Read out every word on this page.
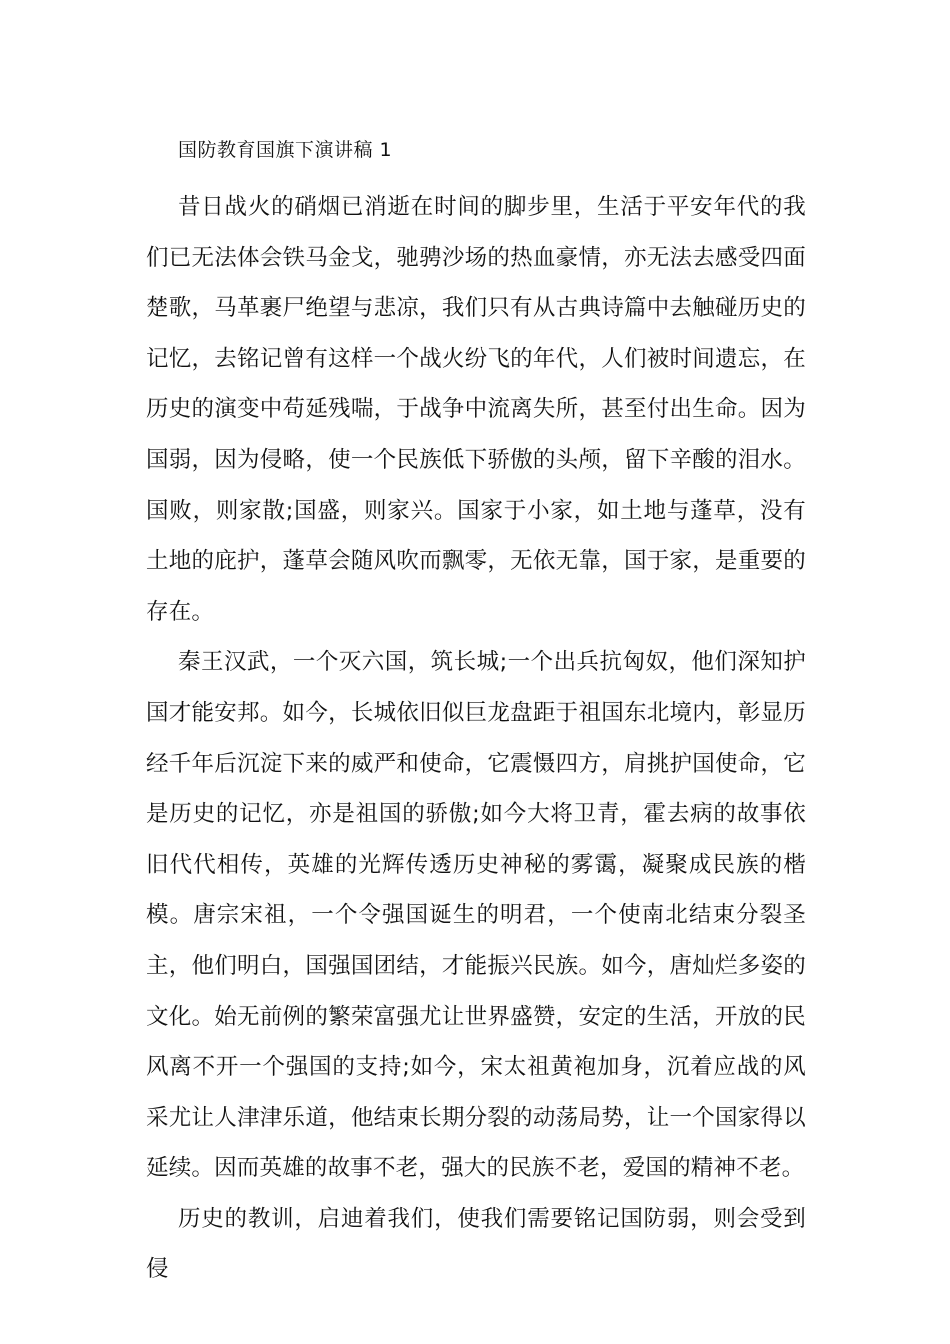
国防教育国旗下演讲稿 1

昔日战火的硝烟已消逝在时间的脚步里，生活于平安年代的我们已无法体会铁马金戈，驰骋沙场的热血豪情，亦无法去感受四面楚歌，马革裹尸绝望与悲凉，我们只有从古典诗篇中去触碰历史的记忆，去铭记曾有这样一个战火纷飞的年代，人们被时间遗忘，在历史的演变中苟延残喘，于战争中流离失所，甚至付出生命。因为国弱，因为侵略，使一个民族低下骄傲的头颅，留下辛酸的泪水。国败，则家散;国盛，则家兴。国家于小家，如土地与蓬草，没有土地的庇护，蓬草会随风吹而飘零，无依无靠，国于家，是重要的存在。

秦王汉武，一个灭六国，筑长城;一个出兵抗匈奴，他们深知护国才能安邦。如今，长城依旧似巨龙盘距于祖国东北境内，彰显历经千年后沉淀下来的威严和使命，它震慑四方，肩挑护国使命，它是历史的记忆，亦是祖国的骄傲;如今大将卫青，霍去病的故事依旧代代相传，英雄的光辉传透历史神秘的雾霭，凝聚成民族的楷模。唐宗宋祖，一个令强国诞生的明君，一个使南北结束分裂圣主，他们明白，国强国团结，才能振兴民族。如今，唐灿烂多姿的文化。始无前例的繁荣富强尤让世界盛赞，安定的生活，开放的民风离不开一个强国的支持;如今，宋太祖黄袍加身，沉着应战的风采尤让人津津乐道，他结束长期分裂的动荡局势，让一个国家得以延续。因而英雄的故事不老，强大的民族不老，爱国的精神不老。

历史的教训，启迪着我们，使我们需要铭记国防弱，则会受到侵
